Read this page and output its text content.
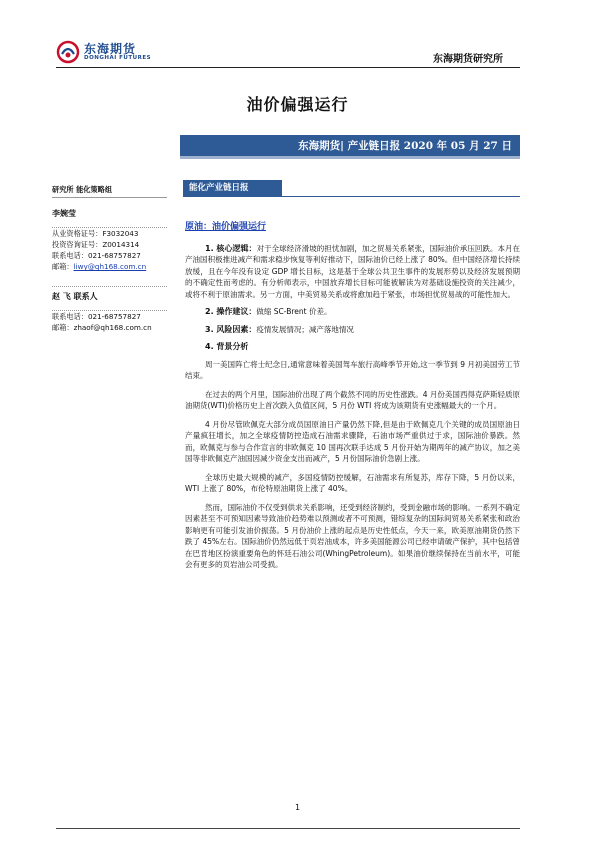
东海期货
DONGHAI FUTURES	东海期货研究所
油价偏强运行
东海期货| 产业链日报 2020 年 05 月 27 日
研究所 能化策略组
李婉莹
从业资格证号：F3032043
投资咨询证号：Z0014314
联系电话：021-68757827
邮箱：liwy@qh168.com.cn
赵 飞 联系人
联系电话：021-68757827
邮箱：zhaof@qh168.com.cn
能化产业链日报
原油：油价偏强运行
1. 核心逻辑：对于全球经济滑坡的担忧加剧，加之贸易关系紧张，国际油价承压回跌。本月在产油国积极推进减产和需求稳步恢复等利好推动下，国际油价已经上涨了 80%。但中国经济增长持续放缓，且在今年没有设定 GDP 增长目标，这是基于全球公共卫生事件的发展形势以及经济发展预期的不确定性而考虑的。有分析师表示，中国放弃增长目标可能被解读为对基础设施投资的关注减少，或将不利于原油需求。另一方面，中美贸易关系或将愈加趋于紧张，市场担忧贸易战的可能性加大。
2. 操作建议：做缩 SC-Brent 价差。
3. 风险因素：疫情发展情况；减产落地情况
4. 背景分析

周一美国阵亡将士纪念日,通常意味着美国驾车旅行高峰季节开始,这一季节到 9 月初美国劳工节结束。

在过去的两个月里，国际油价出现了两个截然不同的历史性涨跌。4 月份美国西得克萨斯轻质原油期货(WTI)价格历史上首次跌入负值区间，5 月份 WTI 将成为该期货有史涨幅最大的一个月。

4 月份尽管欧佩克大部分成员国原油日产量仍然下降,但是由于欧佩克几个关键的成员国原油日产量疯狂增长，加之全球疫情防控造成石油需求骤降，石油市场严重供过于求，国际油价暴跌。然而，欧佩克与参与合作宣言的非欧佩克 10 国再次联手达成 5 月份开始为期两年的减产协议，加之美国等非欧佩克产油国因减少资金支出而减产，5 月份国际油价急剧上涨。

全球历史最大规模的减产，多国疫情防控缓解，石油需求有所复苏，库存下降，5 月份以来，WTI 上涨了 80%，布伦特原油期货上涨了 40%。

然而，国际油价不仅受到供求关系影响，还受到经济制约，受到金融市场的影响。一系列不确定因素甚至不可预知因素导致油价趋势难以预测或者不可预测，错综复杂的国际间贸易关系紧张和政治影响更有可能引发油价振荡。5 月份油价上涨的起点是历史性低点，今天一来，欧美原油期货仍然下跌了 45%左右。国际油价仍然远低于页岩油成本，许多美国能源公司已经申请破产保护，其中包括曾在巴肯地区扮演重要角色的怀廷石油公司(WhingPetroleum)。如果油价继续保持在当前水平，可能会有更多的页岩油公司受损。

1
